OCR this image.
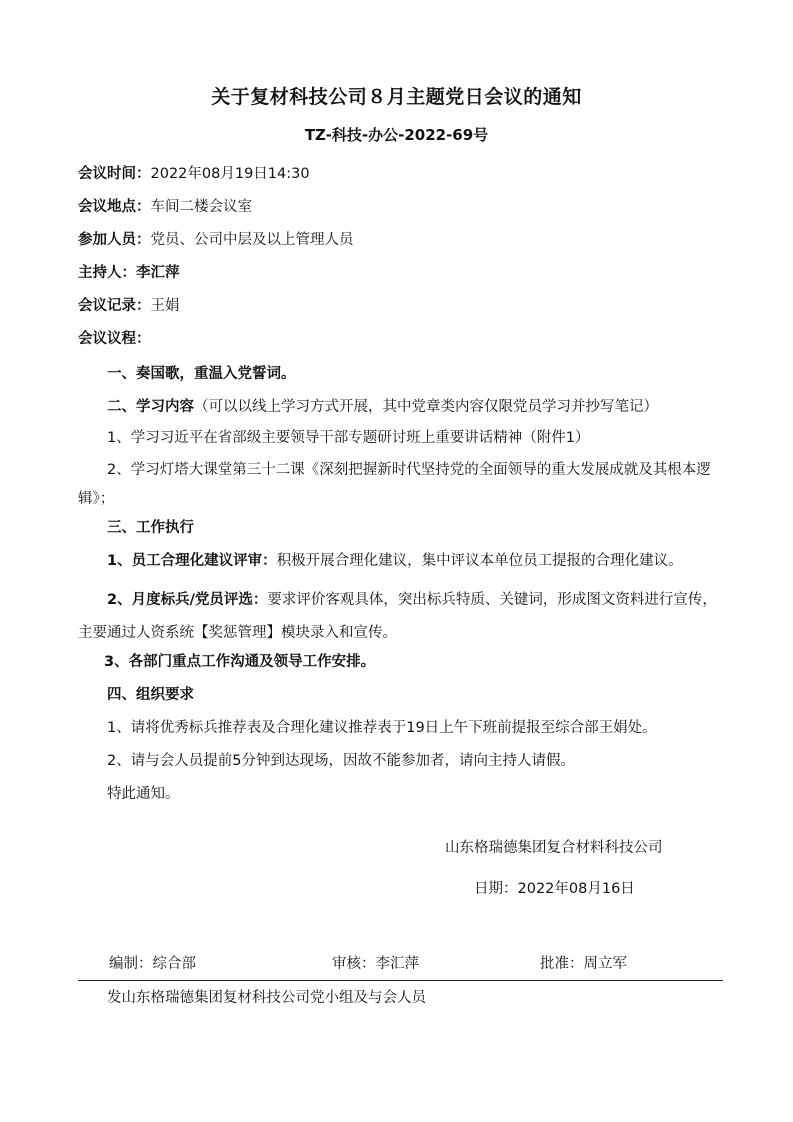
关于复材科技公司８月主题党日会议的通知
TZ-科技-办公-2022-69号
会议时间：2022年08月19日14:30
会议地点：车间二楼会议室
参加人员：党员、公司中层及以上管理人员
主持人：李汇萍
会议记录：王娟
会议议程：
一、奏国歌，重温入党誓词。
二、学习内容（可以以线上学习方式开展，其中党章类内容仅限党员学习并抄写笔记）
1、学习习近平在省部级主要领导干部专题研讨班上重要讲话精神（附件1）
2、学习灯塔大课堂第三十二课《深刻把握新时代坚持党的全面领导的重大发展成就及其根本逻辑》；
三、工作执行
1、员工合理化建议评审：积极开展合理化建议，集中评议本单位员工提报的合理化建议。
2、月度标兵/党员评选：要求评价客观具体，突出标兵特质、关键词，形成图文资料进行宣传，主要通过人资系统【奖惩管理】模块录入和宣传。
3、各部门重点工作沟通及领导工作安排。
四、组织要求
1、请将优秀标兵推荐表及合理化建议推荐表于19日上午下班前提报至综合部王娟处。
2、请与会人员提前5分钟到达现场，因故不能参加者，请向主持人请假。
特此通知。
山东格瑞德集团复合材料科技公司
日期：2022年08月16日
编制：综合部	审核：李汇萍	批准：周立军
发山东格瑞德集团复材科技公司党小组及与会人员
